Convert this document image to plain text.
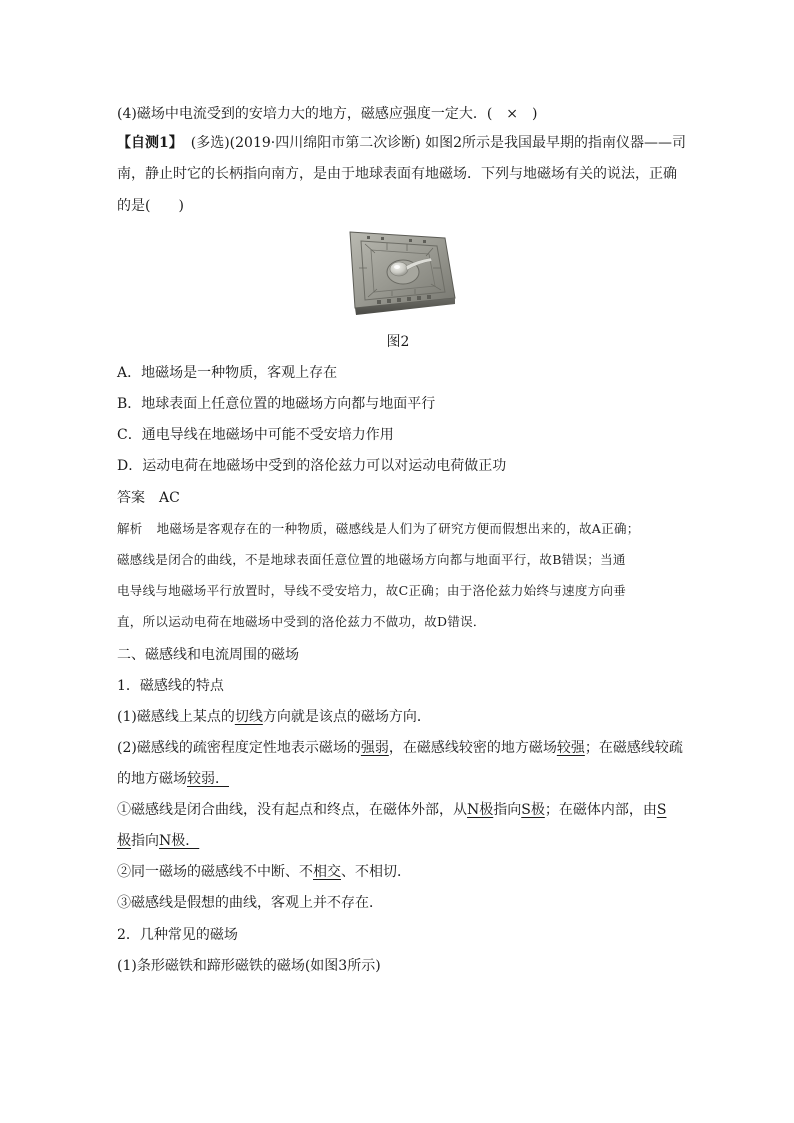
(4)磁场中电流受到的安培力大的地方，磁感应强度一定大．( × )
【自测1】 (多选)(2019·四川绵阳市第二次诊断) 如图2所示是我国最早期的指南仪器——司
南，静止时它的长柄指向南方，是由于地球表面有地磁场．下列与地磁场有关的说法，正确
的是(　　)
图2
A．地磁场是一种物质，客观上存在
B．地球表面上任意位置的地磁场方向都与地面平行
C．通电导线在地磁场中可能不受安培力作用
D．运动电荷在地磁场中受到的洛伦兹力可以对运动电荷做正功
答案 AC
解析 地磁场是客观存在的一种物质，磁感线是人们为了研究方便而假想出来的，故A正确；
磁感线是闭合的曲线，不是地球表面任意位置的地磁场方向都与地面平行，故B错误；当通
电导线与地磁场平行放置时，导线不受安培力，故C正确；由于洛伦兹力始终与速度方向垂
直，所以运动电荷在地磁场中受到的洛伦兹力不做功，故D错误．
二、磁感线和电流周围的磁场
1．磁感线的特点
(1)磁感线上某点的切线方向就是该点的磁场方向．
(2)磁感线的疏密程度定性地表示磁场的强弱，在磁感线较密的地方磁场较强；在磁感线较疏
的地方磁场较弱．
①磁感线是闭合曲线，没有起点和终点，在磁体外部，从N极指向S极；在磁体内部，由S
极指向N极．
②同一磁场的磁感线不中断、不相交、不相切．
③磁感线是假想的曲线，客观上并不存在．
2．几种常见的磁场
(1)条形磁铁和蹄形磁铁的磁场(如图3所示)
